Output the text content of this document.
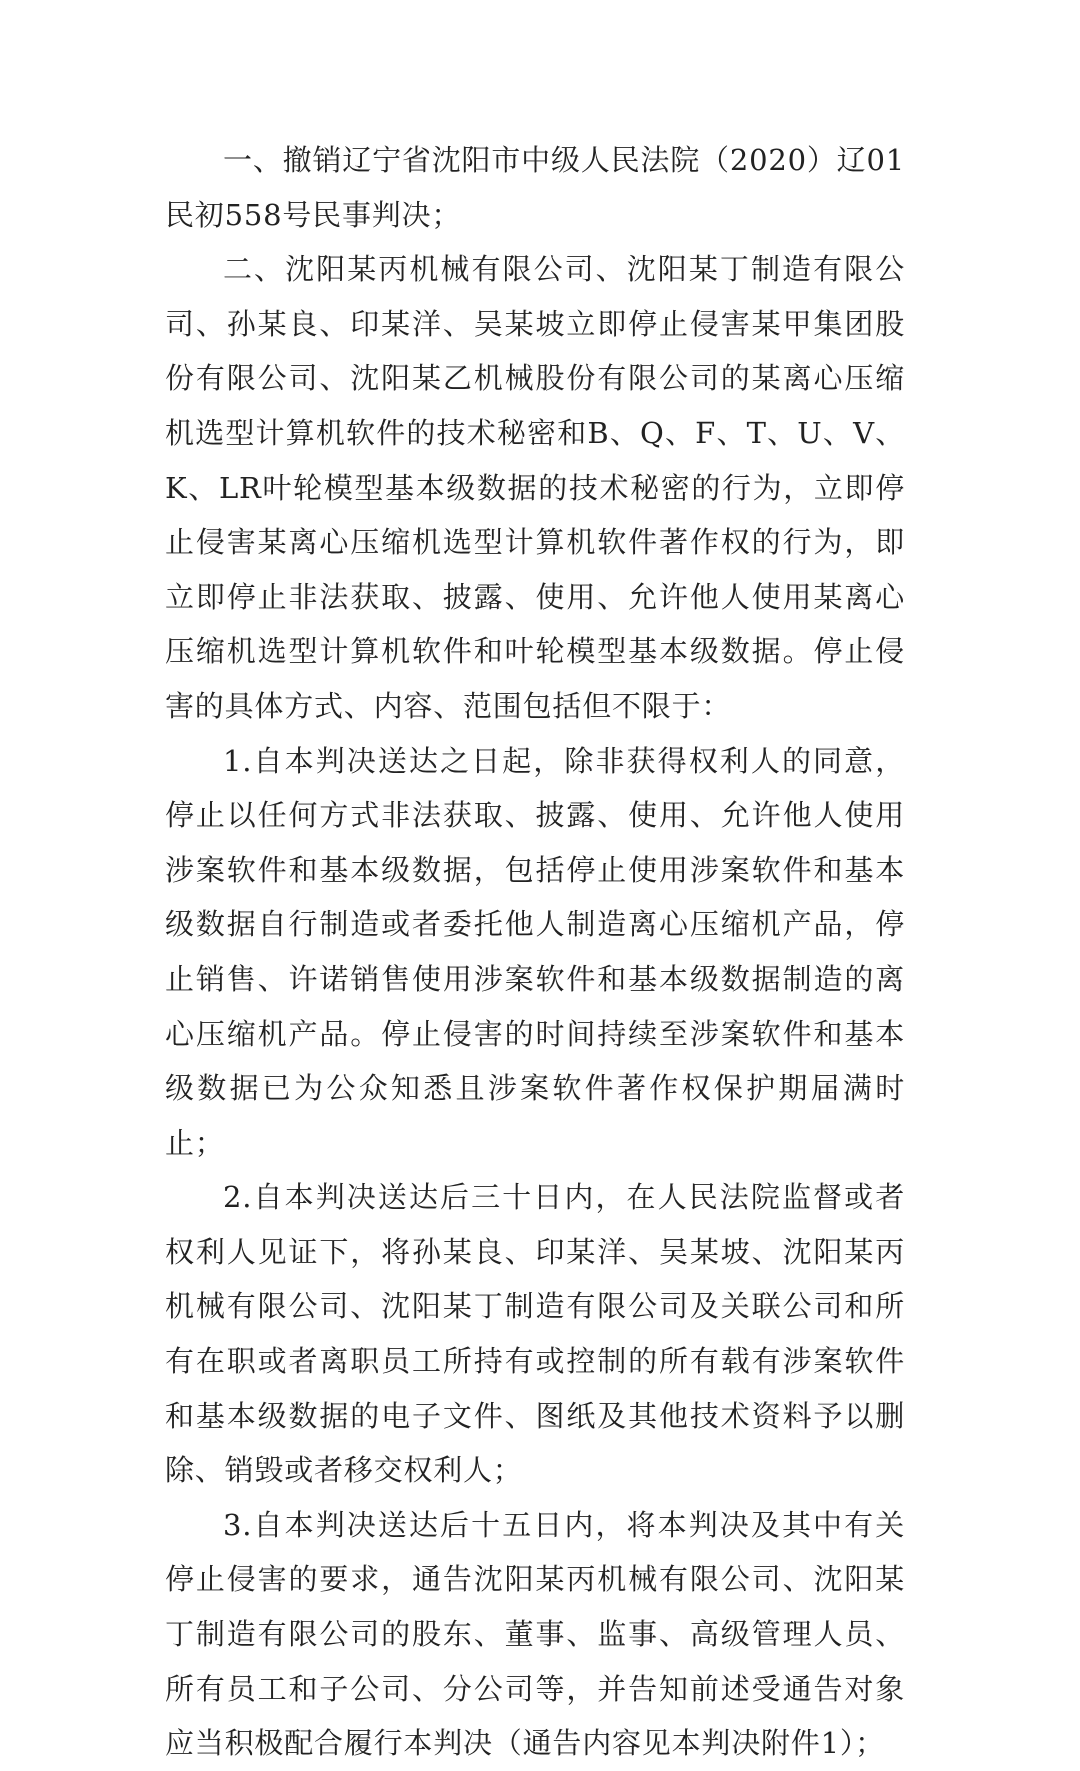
一、撤销辽宁省沈阳市中级人民法院（2020）辽01民初558号民事判决；

二、沈阳某丙机械有限公司、沈阳某丁制造有限公司、孙某良、印某洋、吴某坡立即停止侵害某甲集团股份有限公司、沈阳某乙机械股份有限公司的某离心压缩机选型计算机软件的技术秘密和B、Q、F、T、U、V、K、LR叶轮模型基本级数据的技术秘密的行为，立即停止侵害某离心压缩机选型计算机软件著作权的行为，即立即停止非法获取、披露、使用、允许他人使用某离心压缩机选型计算机软件和叶轮模型基本级数据。停止侵害的具体方式、内容、范围包括但不限于：

1.自本判决送达之日起，除非获得权利人的同意，停止以任何方式非法获取、披露、使用、允许他人使用涉案软件和基本级数据，包括停止使用涉案软件和基本级数据自行制造或者委托他人制造离心压缩机产品，停止销售、许诺销售使用涉案软件和基本级数据制造的离心压缩机产品。停止侵害的时间持续至涉案软件和基本级数据已为公众知悉且涉案软件著作权保护期届满时止；

2.自本判决送达后三十日内，在人民法院监督或者权利人见证下，将孙某良、印某洋、吴某坡、沈阳某丙机械有限公司、沈阳某丁制造有限公司及关联公司和所有在职或者离职员工所持有或控制的所有载有涉案软件和基本级数据的电子文件、图纸及其他技术资料予以删除、销毁或者移交权利人；

3.自本判决送达后十五日内，将本判决及其中有关停止侵害的要求，通告沈阳某丙机械有限公司、沈阳某丁制造有限公司的股东、董事、监事、高级管理人员、所有员工和子公司、分公司等，并告知前述受通告对象应当积极配合履行本判决（通告内容见本判决附件1）；
